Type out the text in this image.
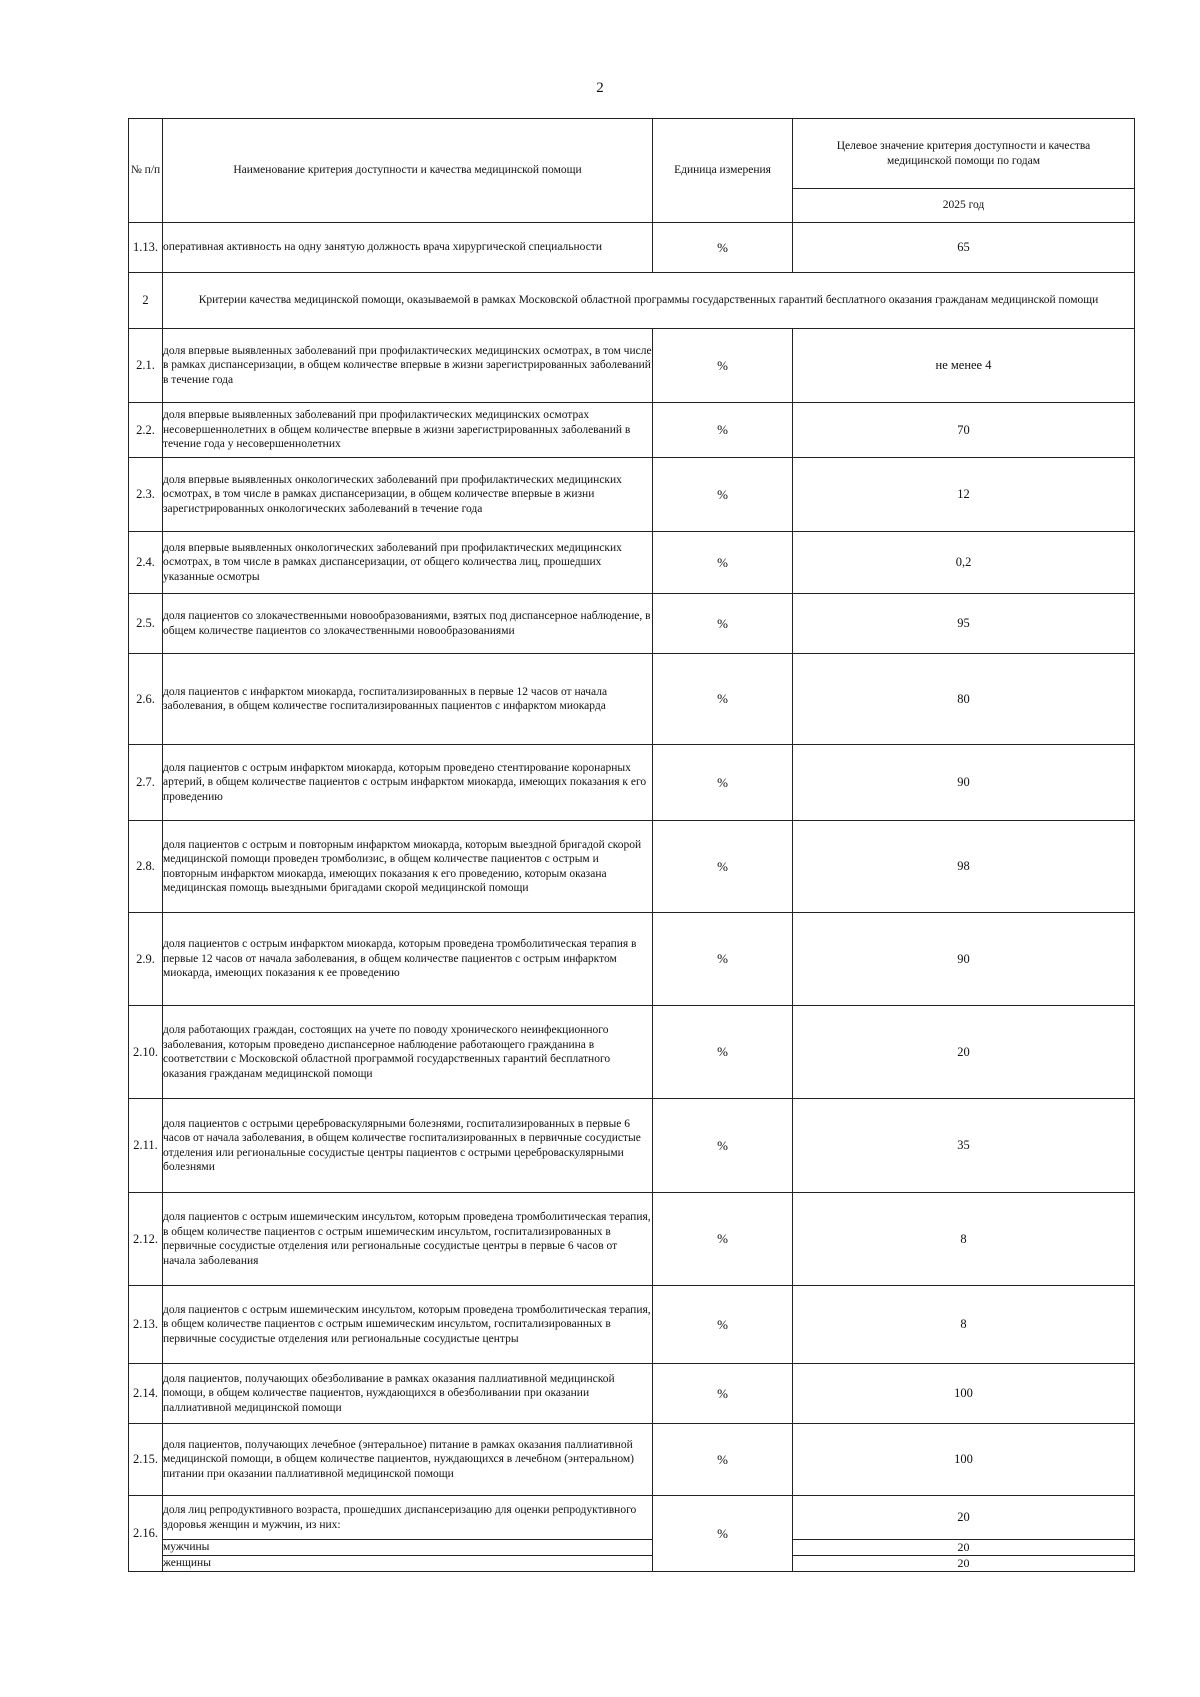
2
№ п/п	Наименование критерия доступности и качества медицинской помощи	Единица измерения	Целевое значение критерия доступности и качества медицинской помощи по годам
			2025 год
1.13.	оперативная активность на одну занятую должность врача хирургической специальности	%	65
2	Критерии качества медицинской помощи, оказываемой в рамках Московской областной программы государственных гарантий бесплатного оказания гражданам медицинской помощи		
2.1.	доля впервые выявленных заболеваний при профилактических медицинских осмотрах, в том числе в рамках диспансеризации, в общем количестве впервые в жизни зарегистрированных заболеваний в течение года	%	не менее 4
2.2.	доля впервые выявленных заболеваний при профилактических медицинских осмотрах несовершеннолетних в общем количестве впервые в жизни зарегистрированных заболеваний в течение года у несовершеннолетних	%	70
2.3.	доля впервые выявленных онкологических заболеваний при профилактических медицинских осмотрах, в том числе в рамках диспансеризации, в общем количестве впервые в жизни зарегистрированных онкологических заболеваний в течение года	%	12
2.4.	доля впервые выявленных онкологических заболеваний при профилактических медицинских осмотрах, в том числе в рамках диспансеризации, от общего количества лиц, прошедших указанные осмотры	%	0,2
2.5.	доля пациентов со злокачественными новообразованиями, взятых под диспансерное наблюдение, в общем количестве пациентов со злокачественными новообразованиями	%	95
2.6.	доля пациентов с инфарктом миокарда, госпитализированных в первые 12 часов от начала заболевания, в общем количестве госпитализированных пациентов с инфарктом миокарда	%	80
2.7.	доля пациентов с острым инфарктом миокарда, которым проведено стентирование коронарных артерий, в общем количестве пациентов с острым инфарктом миокарда, имеющих показания к его проведению	%	90
2.8.	доля пациентов с острым и повторным инфарктом миокарда, которым выездной бригадой скорой медицинской помощи проведен тромболизис, в общем количестве пациентов с острым и повторным инфарктом миокарда, имеющих показания к его проведению, которым оказана медицинская помощь выездными бригадами скорой медицинской помощи	%	98
2.9.	доля пациентов с острым инфарктом миокарда, которым проведена тромболитическая терапия в первые 12 часов от начала заболевания, в общем количестве пациентов с острым инфарктом миокарда, имеющих показания к ее проведению	%	90
2.10.	доля работающих граждан, состоящих на учете по поводу хронического неинфекционного заболевания, которым проведено диспансерное наблюдение работающего гражданина в соответствии с Московской областной программой государственных гарантий бесплатного оказания гражданам медицинской помощи	%	20
2.11.	доля пациентов с острыми цереброваскулярными болезнями, госпитализированных в первые 6 часов от начала заболевания, в общем количестве госпитализированных в первичные сосудистые отделения или региональные сосудистые центры пациентов с острыми цереброваскулярными болезнями	%	35
2.12.	доля пациентов с острым ишемическим инсультом, которым проведена тромболитическая терапия, в общем количестве пациентов с острым ишемическим инсультом, госпитализированных в первичные сосудистые отделения или региональные сосудистые центры в первые 6 часов от начала заболевания	%	8
2.13.	доля пациентов с острым ишемическим инсультом, которым проведена тромболитическая терапия, в общем количестве пациентов с острым ишемическим инсультом, госпитализированных в первичные сосудистые отделения или региональные сосудистые центры	%	8
2.14.	доля пациентов, получающих обезболивание в рамках оказания паллиативной медицинской помощи, в общем количестве пациентов, нуждающихся в обезболивании при оказании паллиативной медицинской помощи	%	100
2.15.	доля пациентов, получающих лечебное (энтеральное) питание в рамках оказания паллиативной медицинской помощи, в общем количестве пациентов, нуждающихся в лечебном (энтеральном) питании при оказании паллиативной медицинской помощи	%	100
2.16.	доля лиц репродуктивного возраста, прошедших диспансеризацию для оценки репродуктивного здоровья женщин и мужчин, из них:	%	20
	мужчины		20
	женщины		20
